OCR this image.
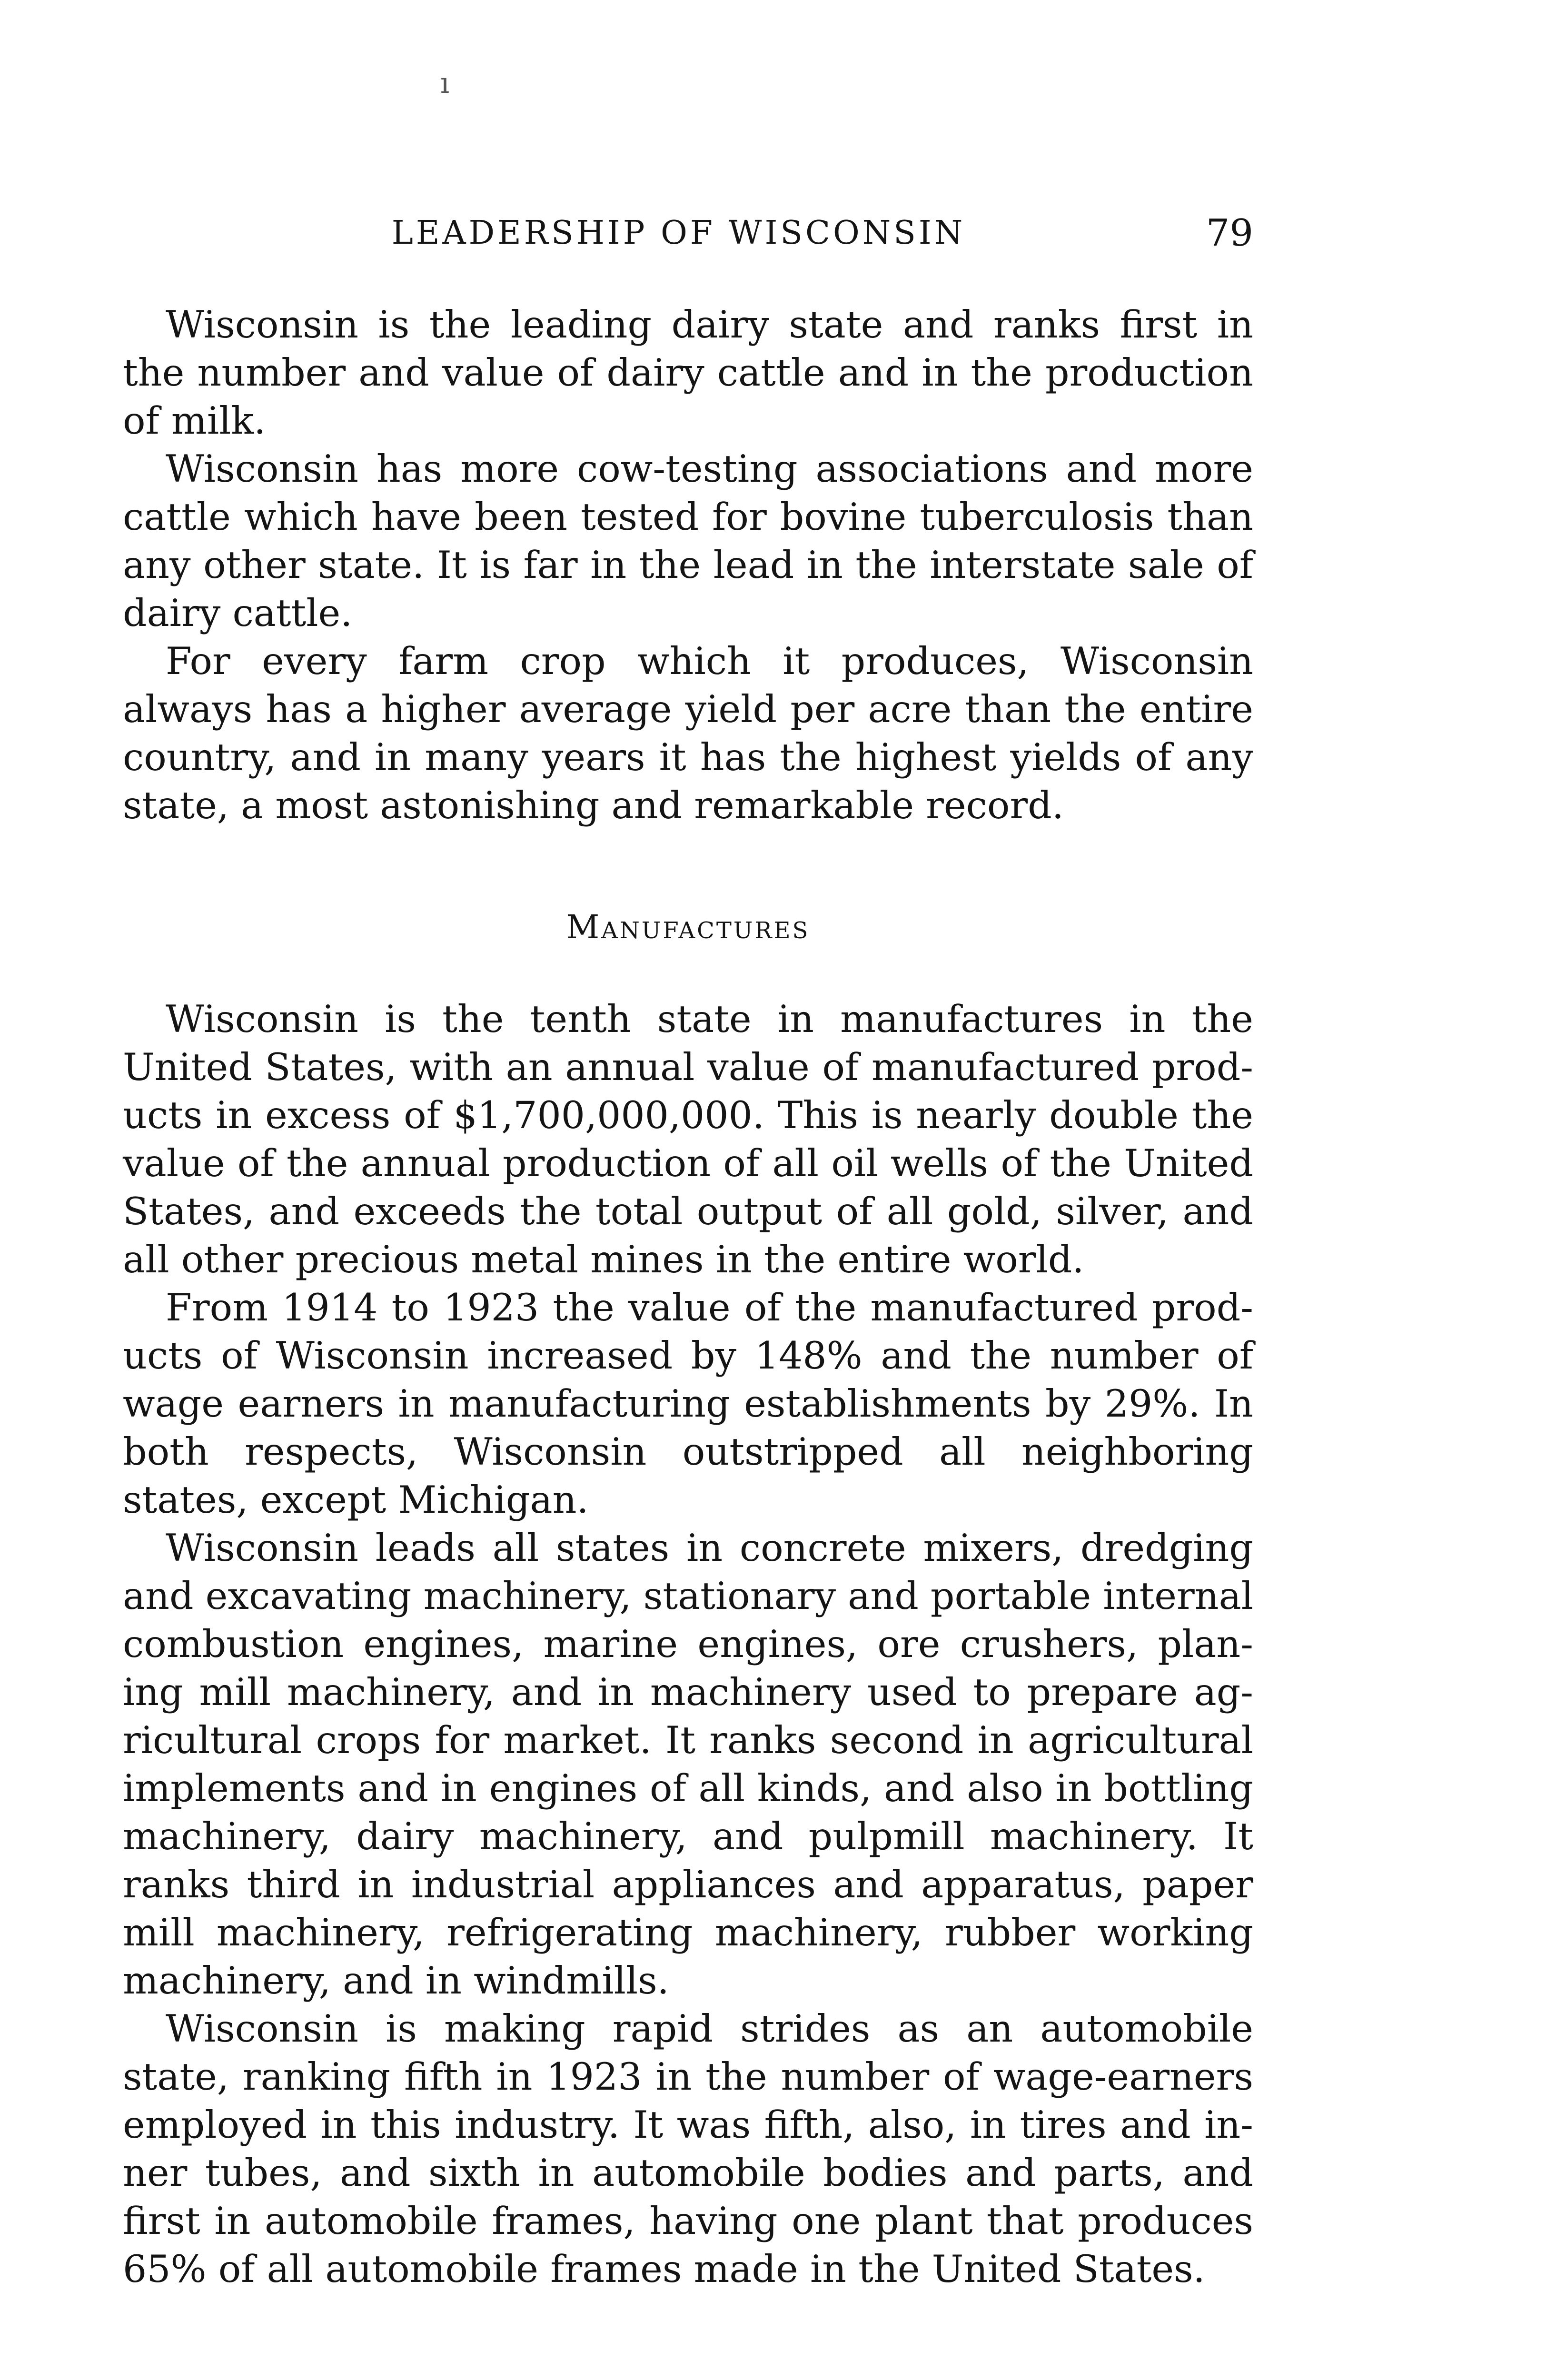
ı
LEADERSHIP OF WISCONSIN	79

Wisconsin is the leading dairy state and ranks first in the number and value of dairy cattle and in the production of milk.

Wisconsin has more cow-testing associations and more cattle which have been tested for bovine tuberculosis than any other state. It is far in the lead in the interstate sale of dairy cattle.

For every farm crop which it produces, Wisconsin always has a higher average yield per acre than the entire country, and in many years it has the highest yields of any state, a most astonishing and remarkable record.

Manufactures

Wisconsin is the tenth state in manufactures in the United States, with an annual value of manufactured products in excess of $1,700,000,000. This is nearly double the value of the annual production of all oil wells of the United States, and exceeds the total output of all gold, silver, and all other precious metal mines in the entire world.

From 1914 to 1923 the value of the manufactured products of Wisconsin increased by 148% and the number of wage earners in manufacturing establishments by 29%. In both respects, Wisconsin outstripped all neighboring states, except Michigan.

Wisconsin leads all states in concrete mixers, dredging and excavating machinery, stationary and portable internal combustion engines, marine engines, ore crushers, planing mill machinery, and in machinery used to prepare agricultural crops for market. It ranks second in agricultural implements and in engines of all kinds, and also in bottling machinery, dairy machinery, and pulpmill machinery. It ranks third in industrial appliances and apparatus, paper mill machinery, refrigerating machinery, rubber working machinery, and in windmills.

Wisconsin is making rapid strides as an automobile state, ranking fifth in 1923 in the number of wage-earners employed in this industry. It was fifth, also, in tires and inner tubes, and sixth in automobile bodies and parts, and first in automobile frames, having one plant that produces 65% of all automobile frames made in the United States.
